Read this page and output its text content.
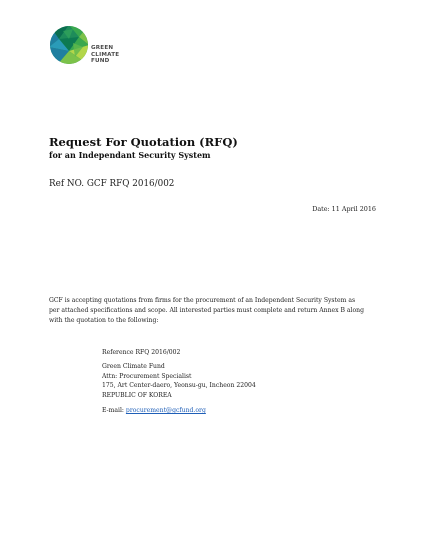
GREEN
CLIMATE
FUND
Request For Quotation (RFQ)
for an Independant Security System
Ref NO. GCF RFQ 2016/002
Date: 11 April 2016
GCF is accepting quotations from firms for the procurement of an Independent Security System as
per attached specifications and scope. All interested parties must complete and return Annex B along
with the quotation to the following:
Reference RFQ 2016/002
Green Climate Fund
Attn: Procurement Specialist
175, Art Center-daero, Yeonsu-gu, Incheon 22004
REPUBLIC OF KOREA
E-mail: procurement@gcfund.org
